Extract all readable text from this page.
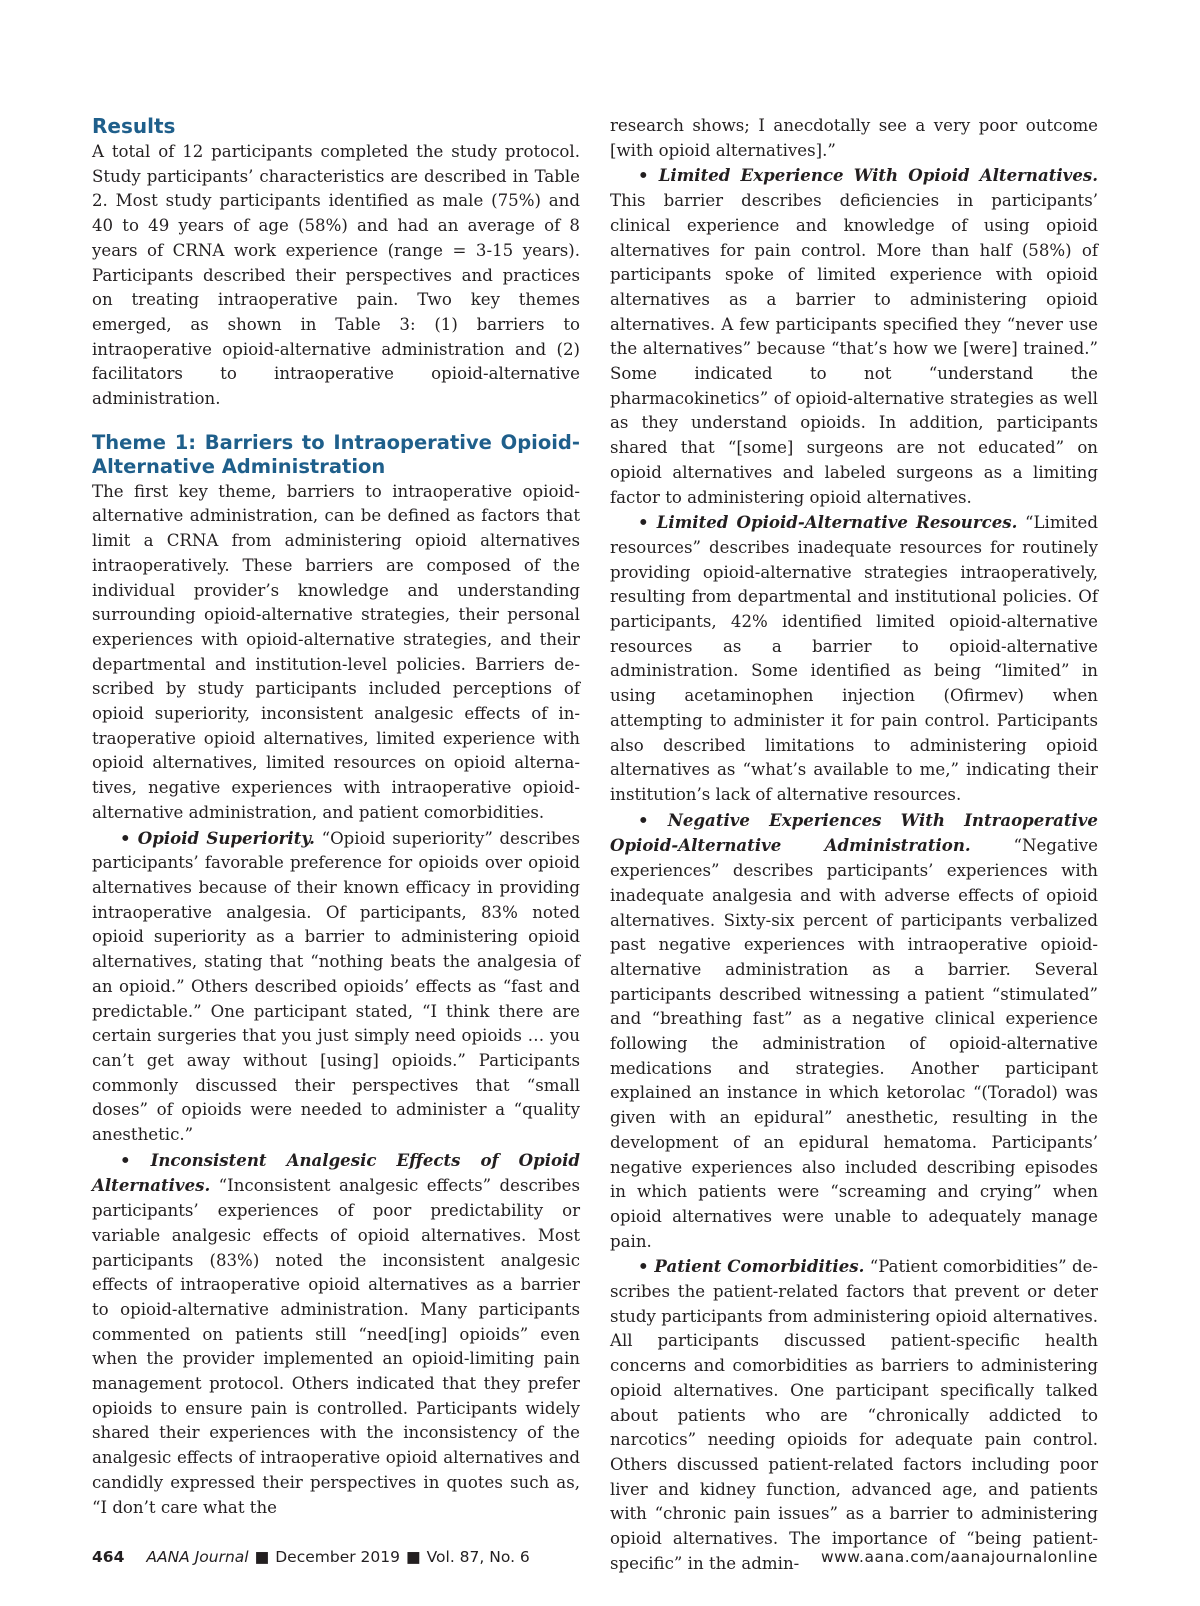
Results

A total of 12 participants completed the study protocol. Study participants’ characteristics are described in Table 2. Most study participants identified as male (75%) and 40 to 49 years of age (58%) and had an average of 8 years of CRNA work experience (range = 3-15 years). Participants described their perspectives and practices on treating intraoperative pain. Two key themes emerged, as shown in Table 3: (1) barriers to intraoperative opioid-alternative administration and (2) facilitators to intraoperative opioid-alternative administration.

Theme 1: Barriers to Intraoperative Opioid-Alternative Administration

The first key theme, barriers to intraoperative opioid-alternative administration, can be defined as factors that limit a CRNA from administering opioid alternatives intraoperatively. These barriers are composed of the individual provider’s knowledge and understanding surrounding opioid-alternative strategies, their personal experiences with opioid-alternative strategies, and their departmental and institution-level policies. Barriers described by study participants included perceptions of opioid superiority, inconsistent analgesic effects of intraoperative opioid alternatives, limited experience with opioid alternatives, limited resources on opioid alternatives, negative experiences with intraoperative opioid-alternative administration, and patient comorbidities.

• Opioid Superiority. “Opioid superiority” describes participants’ favorable preference for opioids over opioid alternatives because of their known efficacy in providing intraoperative analgesia. Of participants, 83% noted opioid superiority as a barrier to administering opioid alternatives, stating that “nothing beats the analgesia of an opioid.” Others described opioids’ effects as “fast and predictable.” One participant stated, “I think there are certain surgeries that you just simply need opioids … you can’t get away without [using] opioids.” Participants commonly discussed their perspectives that “small doses” of opioids were needed to administer a “quality anesthetic.”

• Inconsistent Analgesic Effects of Opioid Alternatives. “Inconsistent analgesic effects” describes participants’ experiences of poor predictability or variable analgesic effects of opioid alternatives. Most participants (83%) noted the inconsistent analgesic effects of intraoperative opioid alternatives as a barrier to opioid-alternative administration. Many participants commented on patients still “need[ing] opioids” even when the provider implemented an opioid-limiting pain management protocol. Others indicated that they prefer opioids to ensure pain is controlled. Participants widely shared their experiences with the inconsistency of the analgesic effects of intraoperative opioid alternatives and candidly expressed their perspectives in quotes such as, “I don’t care what the

research shows; I anecdotally see a very poor outcome [with opioid alternatives].”

• Limited Experience With Opioid Alternatives. This barrier describes deficiencies in participants’ clinical experience and knowledge of using opioid alternatives for pain control. More than half (58%) of participants spoke of limited experience with opioid alternatives as a barrier to administering opioid alternatives. A few participants specified they “never use the alternatives” because “that’s how we [were] trained.” Some indicated to not “understand the pharmacokinetics” of opioid-alternative strategies as well as they understand opioids. In addition, participants shared that “[some] surgeons are not educated” on opioid alternatives and labeled surgeons as a limiting factor to administering opioid alternatives.

• Limited Opioid-Alternative Resources. “Limited resources” describes inadequate resources for routinely providing opioid-alternative strategies intraoperatively, resulting from departmental and institutional policies. Of participants, 42% identified limited opioid-alternative resources as a barrier to opioid-alternative administration. Some identified as being “limited” in using acetaminophen injection (Ofirmev) when attempting to administer it for pain control. Participants also described limitations to administering opioid alternatives as “what’s available to me,” indicating their institution’s lack of alternative resources.

• Negative Experiences With Intraoperative Opioid-Alternative Administration. “Negative experiences” describes participants’ experiences with inadequate analgesia and with adverse effects of opioid alternatives. Sixty-six percent of participants verbalized past negative experiences with intraoperative opioid-alternative administration as a barrier. Several participants described witnessing a patient “stimulated” and “breathing fast” as a negative clinical experience following the administration of opioid-alternative medications and strategies. Another participant explained an instance in which ketorolac “(Toradol) was given with an epidural” anesthetic, resulting in the development of an epidural hematoma. Participants’ negative experiences also included describing episodes in which patients were “screaming and crying” when opioid alternatives were unable to adequately manage pain.

• Patient Comorbidities. “Patient comorbidities” describes the patient-related factors that prevent or deter study participants from administering opioid alternatives. All participants discussed patient-specific health concerns and comorbidities as barriers to administering opioid alternatives. One participant specifically talked about patients who are “chronically addicted to narcotics” needing opioids for adequate pain control. Others discussed patient-related factors including poor liver and kidney function, advanced age, and patients with “chronic pain issues” as a barrier to administering opioid alternatives. The importance of “being patient-specific” in the admin-

464 AANA Journal ■ December 2019 ■ Vol. 87, No. 6	www.aana.com/aanajournalonline
